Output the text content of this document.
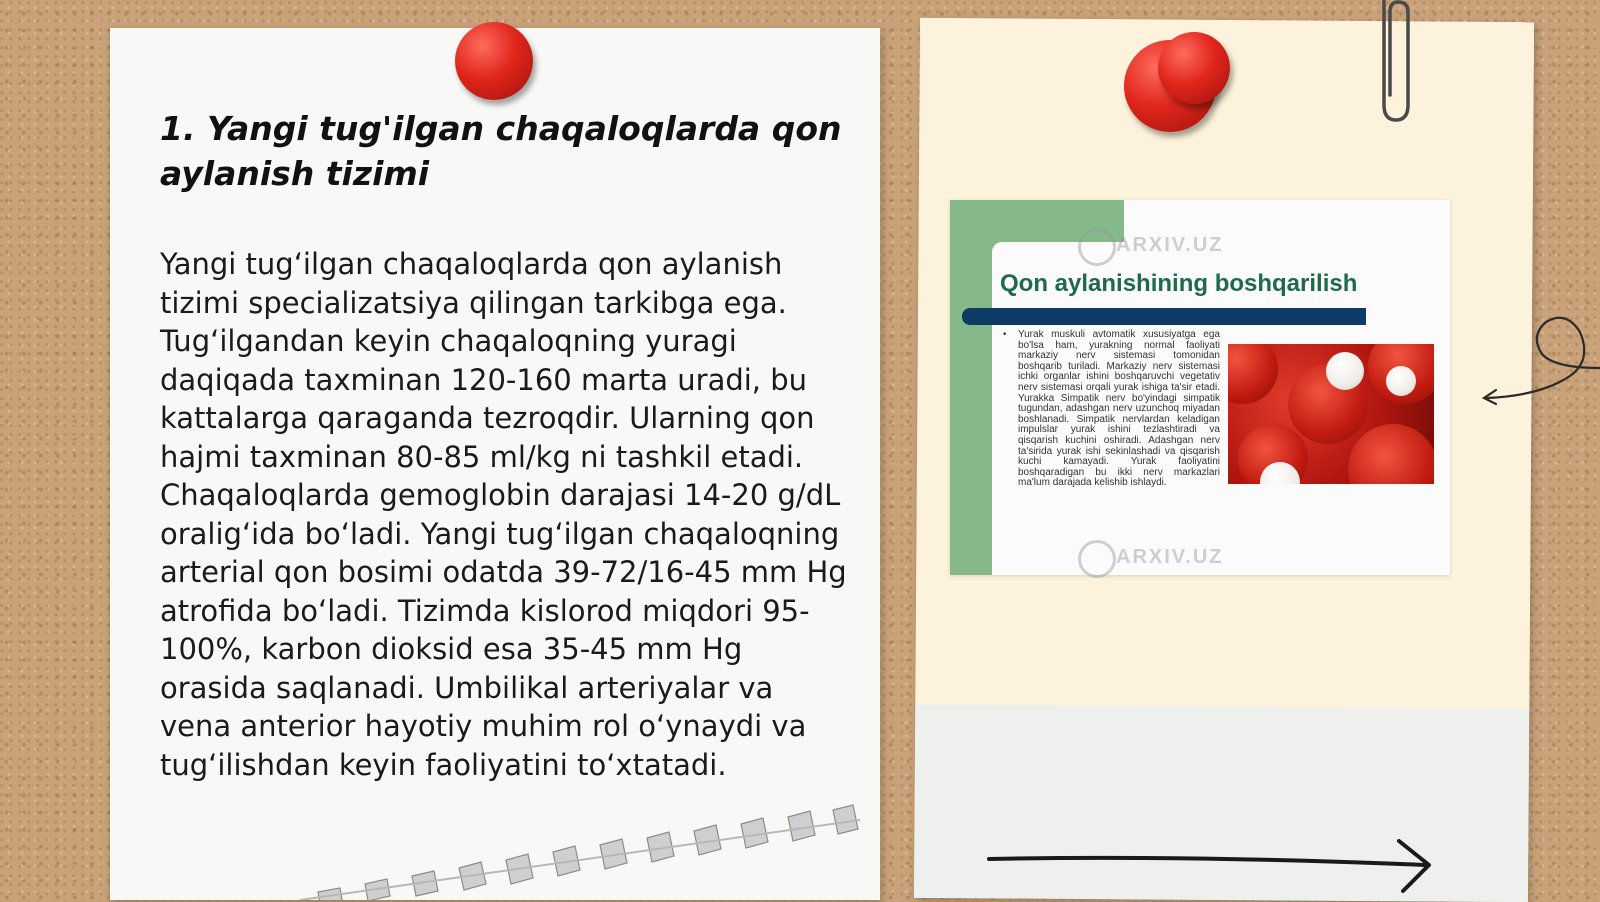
1. Yangi tug'ilgan chaqaloqlarda qon aylanish tizimi

Yangi tug‘ilgan chaqaloqlarda qon aylanish tizimi specializatsiya qilingan tarkibga ega. Tug‘ilgandan keyin chaqaloqning yuragi daqiqada taxminan 120-160 marta uradi, bu kattalarga qaraganda tezroqdir. Ularning qon hajmi taxminan 80-85 ml/kg ni tashkil etadi. Chaqaloqlarda gemoglobin darajasi 14-20 g/dL oralig‘ida bo‘ladi. Yangi tug‘ilgan chaqaloqning arterial qon bosimi odatda 39-72/16-45 mm Hg atrofida bo‘ladi. Tizimda kislorod miqdori 95-100%, karbon dioksid esa 35-45 mm Hg orasida saqlanadi. Umbilikal arteriyalar va vena anterior hayotiy muhim rol o‘ynaydi va tug‘ilishdan keyin faoliyatini to‘xtatadi.

ARXIV.UZ
Qon aylanishining boshqarilish
• Yurak muskuli avtomatik xususiyatga ega bo'lsa ham, yurakning normal faoliyati markaziy nerv sistemasi tomonidan boshqarib turiladi. Markaziy nerv sistemasi ichki organlar ishini boshqaruvchi vegetativ nerv sistemasi orqali yurak ishiga ta'sir etadi. Yurakka Simpatik nerv bo'yindagi simpatik tugundan, adashgan nerv uzunchoq miyadan boshlanadi. Simpatik nervlardan keladigan impulslar yurak ishini tezlashtiradi va qisqarish kuchini oshiradi. Adashgan nerv ta'sirida yurak ishi sekinlashadi va qisqarish kuchi kamayadi. Yurak faoliyatini boshqaradigan bu ikki nerv markazlari ma'lum darajada kelishib ishlaydi.

ARXIV.UZ
